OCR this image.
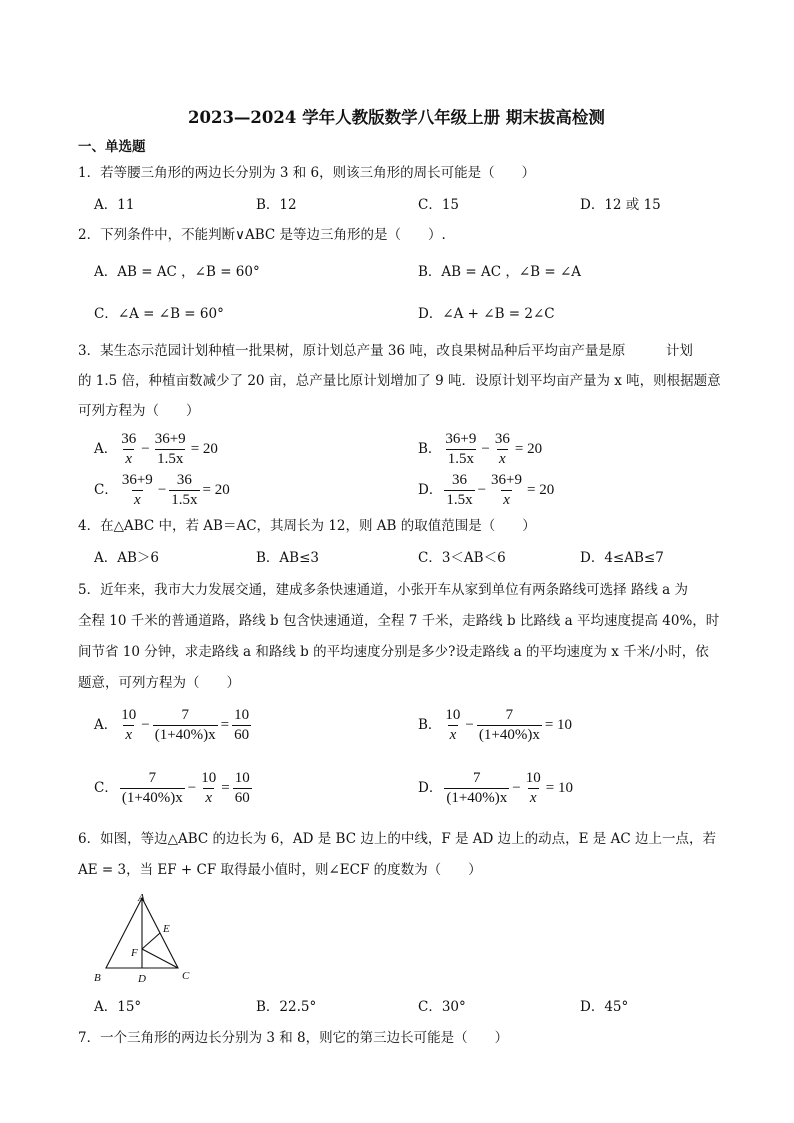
2023—2024 学年人教版数学八年级上册 期末拔高检测
一、单选题
1．若等腰三角形的两边长分别为 3 和 6，则该三角形的周长可能是（　　）
A．11	B．12	C．15	D．12 或 15
2．下列条件中，不能判断∨ABC 是等边三角形的是（　　）.
A．AB = AC ，∠B = 60°	B．AB = AC ，∠B = ∠A
C．∠A = ∠B = 60°	D．∠A + ∠B = 2∠C
3．某生态示范园计划种植一批果树，原计划总产量 36 吨，改良果树品种后平均亩产量是原　　　计划
的 1.5 倍，种植亩数减少了 20 亩，总产量比原计划增加了 9 吨．设原计划平均亩产量为 x 吨，则根据题意
可列方程为（　　）
A． $\frac{36}{x} - \frac{36+9}{1.5x} = 20$	B． $\frac{36+9}{1.5x} - \frac{36}{x} = 20$
C． $\frac{36+9}{x} - \frac{36}{1.5x} = 20$	D． $\frac{36}{1.5x} - \frac{36+9}{x} = 20$
4．在△ABC 中，若 AB＝AC，其周长为 12，则 AB 的取值范围是（　　）
A．AB＞6	B．AB≤3	C．3＜AB＜6	D．4≤AB≤7
5．近年来，我市大力发展交通，建成多条快速通道，小张开车从家到单位有两条路线可选择 路线 a 为
全程 10 千米的普通道路，路线 b 包含快速通道，全程 7 千米，走路线 b 比路线 a 平均速度提高 40%，时
间节省 10 分钟，求走路线 a 和路线 b 的平均速度分别是多少?设走路线 a 的平均速度为 x 千米/小时，依
题意，可列方程为（　　）
A． $\frac{10}{x} - \frac{7}{(1+40\%)x} = \frac{10}{60}$	B． $\frac{10}{x} - \frac{7}{(1+40\%)x} = 10$
C． $\frac{7}{(1+40\%)x} - \frac{10}{x} = \frac{10}{60}$	D． $\frac{7}{(1+40\%)x} - \frac{10}{x} = 10$
6．如图，等边△ABC 的边长为 6，AD 是 BC 边上的中线，F 是 AD 边上的动点，E 是 AC 边上一点，若
AE = 3，当 EF + CF 取得最小值时，则∠ECF 的度数为（　　）
A
B	C
D
E
F
A．15°	B．22.5°	C．30°	D．45°
7．一个三角形的两边长分别为 3 和 8，则它的第三边长可能是（　　）
